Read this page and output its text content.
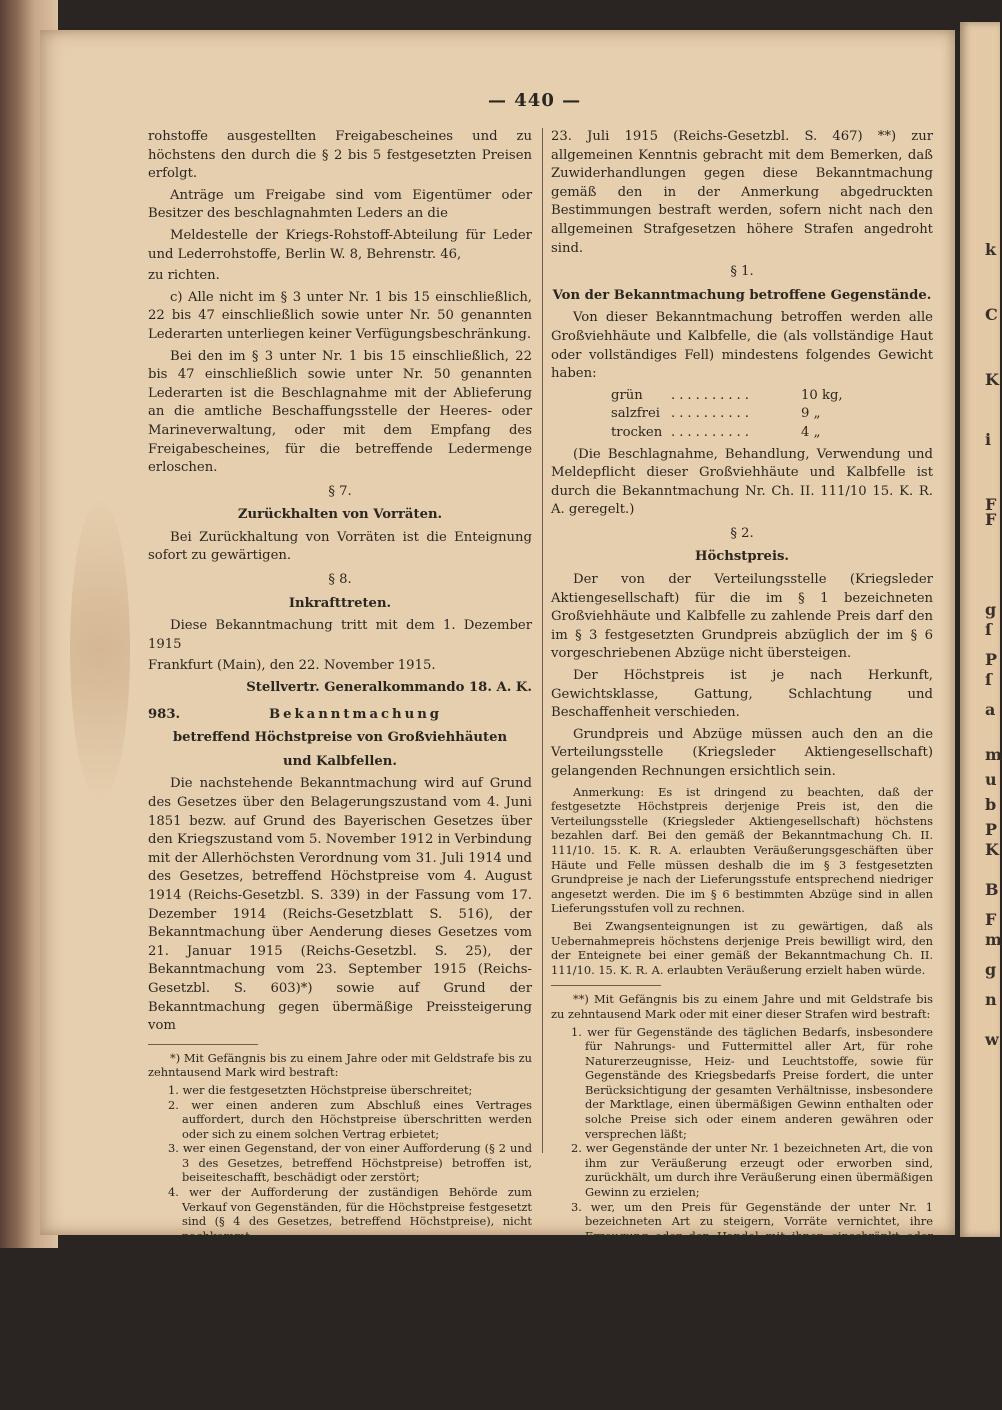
— 440 —

rohstoffe ausgestellten Freigabescheines und zu höchstens den durch die § 2 bis 5 festgesetzten Preisen erfolgt.

Anträge um Freigabe sind vom Eigentümer oder Besitzer des beschlagnahmten Leders an die

Meldestelle der Kriegs-Rohstoff-Abteilung für Leder und Lederrohstoffe, Berlin W. 8, Behrenstr. 46,

zu richten.

c) Alle nicht im § 3 unter Nr. 1 bis 15 einschließlich, 22 bis 47 einschließlich sowie unter Nr. 50 genannten Lederarten unterliegen keiner Verfügungsbeschränkung.

Bei den im § 3 unter Nr. 1 bis 15 einschließlich, 22 bis 47 einschließlich sowie unter Nr. 50 genannten Lederarten ist die Beschlagnahme mit der Ablieferung an die amtliche Beschaffungsstelle der Heeres- oder Marineverwaltung, oder mit dem Empfang des Freigabescheines, für die betreffende Ledermenge erloschen.

§ 7.

Zurückhalten von Vorräten.

Bei Zurückhaltung von Vorräten ist die Enteignung sofort zu gewärtigen.

§ 8.

Inkrafttreten.

Diese Bekanntmachung tritt mit dem 1. Dezember 1915

Frankfurt (Main), den 22. November 1915.

Stellvertr. Generalkommando 18. A. K.

983.	Bekanntmachung

betreffend Höchstpreise von Großviehhäuten

und Kalbfellen.

Die nachstehende Bekanntmachung wird auf Grund des Gesetzes über den Belagerungszustand vom 4. Juni 1851 bezw. auf Grund des Bayerischen Gesetzes über den Kriegszustand vom 5. November 1912 in Verbindung mit der Allerhöchsten Verordnung vom 31. Juli 1914 und des Gesetzes, betreffend Höchstpreise vom 4. August 1914 (Reichs-Gesetzbl. S. 339) in der Fassung vom 17. Dezember 1914 (Reichs-Gesetzblatt S. 516), der Bekanntmachung über Aenderung dieses Gesetzes vom 21. Januar 1915 (Reichs-Gesetzbl. S. 25), der Bekanntmachung vom 23. September 1915 (Reichs-Gesetzbl. S. 603)*) sowie auf Grund der Bekanntmachung gegen übermäßige Preissteigerung vom

*) Mit Gefängnis bis zu einem Jahre oder mit Geldstrafe bis zu zehntausend Mark wird bestraft:

1. wer die festgesetzten Höchstpreise überschreitet;

2. wer einen anderen zum Abschluß eines Vertrages auffordert, durch den Höchstpreise überschritten werden oder sich zu einem solchen Vertrag erbietet;

3. wer einen Gegenstand, der von einer Aufforderung (§ 2 und 3 des Gesetzes, betreffend Höchstpreise) betroffen ist, beiseiteschafft, beschädigt oder zerstört;

4. wer der Aufforderung der zuständigen Behörde zum Verkauf von Gegenständen, für die Höchstpreise festgesetzt sind (§ 4 des Gesetzes, betreffend Höchstpreise), nicht nachkommt;

5. wer Vorräte an Gegenständen, für die Höchstpreise festgesetzt sind, den zuständigen Beamten verheimlicht;

6. wer den nach § 5 des Gesetzes, betreffend Höchstpreise, erlassenen Ausführungsbestimmungen zuwiderhandelt.

In den Fällen Nr. 1 und 2 kann neben der Strafe angeordnet werden, daß die Verurteilung auf Kosten des Schuldigen öffentlich bekanntzumachen ist; auch kann neben Gefängnisstrafe auf Verlust der bürgerlichen Ehrenrechte erkannt werden.

23. Juli 1915 (Reichs-Gesetzbl. S. 467) **) zur allgemeinen Kenntnis gebracht mit dem Bemerken, daß Zuwiderhandlungen gegen diese Bekanntmachung gemäß den in der Anmerkung abgedruckten Bestimmungen bestraft werden, sofern nicht nach den allgemeinen Strafgesetzen höhere Strafen angedroht sind.

§ 1.

Von der Bekanntmachung betroffene Gegenstände.

Von dieser Bekanntmachung betroffen werden alle Großviehhäute und Kalbfelle, die (als vollständige Haut oder vollständiges Fell) mindestens folgendes Gewicht haben:

grün	..........	10 kg,
salzfrei ..........	9 „
trocken ..........	4 „

(Die Beschlagnahme, Behandlung, Verwendung und Meldepflicht dieser Großviehhäute und Kalbfelle ist durch die Bekanntmachung Nr. Ch. II. 111/10 15. K. R. A. geregelt.)

§ 2.

Höchstpreis.

Der von der Verteilungsstelle (Kriegsleder Aktiengesellschaft) für die im § 1 bezeichneten Großviehhäute und Kalbfelle zu zahlende Preis darf den im § 3 festgesetzten Grundpreis abzüglich der im § 6 vorgeschriebenen Abzüge nicht übersteigen.

Der Höchstpreis ist je nach Herkunft, Gewichtsklasse, Gattung, Schlachtung und Beschaffenheit verschieden.

Grundpreis und Abzüge müssen auch den an die Verteilungsstelle (Kriegsleder Aktiengesellschaft) gelangenden Rechnungen ersichtlich sein.

Anmerkung: Es ist dringend zu beachten, daß der festgesetzte Höchstpreis derjenige Preis ist, den die Verteilungsstelle (Kriegsleder Aktiengesellschaft) höchstens bezahlen darf. Bei den gemäß der Bekanntmachung Ch. II. 111/10. 15. K. R. A. erlaubten Veräußerungsgeschäften über Häute und Felle müssen deshalb die im § 3 festgesetzten Grundpreise je nach der Lieferungsstufe entsprechend niedriger angesetzt werden. Die im § 6 bestimmten Abzüge sind in allen Lieferungsstufen voll zu rechnen.

Bei Zwangsenteignungen ist zu gewärtigen, daß als Uebernahmepreis höchstens derjenige Preis bewilligt wird, den der Enteignete bei einer gemäß der Bekanntmachung Ch. II. 111/10. 15. K. R. A. erlaubten Veräußerung erzielt haben würde.

**) Mit Gefängnis bis zu einem Jahre und mit Geldstrafe bis zu zehntausend Mark oder mit einer dieser Strafen wird bestraft:

1. wer für Gegenstände des täglichen Bedarfs, insbesondere für Nahrungs- und Futtermittel aller Art, für rohe Naturerzeugnisse, Heiz- und Leuchtstoffe, sowie für Gegenstände des Kriegsbedarfs Preise fordert, die unter Berücksichtigung der gesamten Verhältnisse, insbesondere der Marktlage, einen übermäßigen Gewinn enthalten oder solche Preise sich oder einem anderen gewähren oder versprechen läßt;

2. wer Gegenstände der unter Nr. 1 bezeichneten Art, die von ihm zur Veräußerung erzeugt oder erworben sind, zurückhält, um durch ihre Veräußerung einen übermäßigen Gewinn zu erzielen;

3. wer, um den Preis für Gegenstände der unter Nr. 1 bezeichneten Art zu steigern, Vorräte vernichtet, ihre Erzeugung oder den Handel mit ihnen einschränkt oder andere unlautere Machenschaften vornimmt;

4. wer an einer Verabredung oder Verbindung teilnimmt, die eine Handlung der in Nr. 1 bis 3 bezeichneten Art zum Zwecke hat.

Neben der Strafe kann auf Einziehung der Vorräte erkannt werden, auf die sich die strafbare Handlung bezieht, ohne Unterschied, ob sie dem Verurteilten gehören oder nicht. Ferner kann angeordnet werden, daß die Verurteilung auf Kosten des Schuldigen öffentlich bekanntzumachen sei.

Neben Gefängnisstrafe kann auf Verlust der bürgerlichen Ehrenrechte erkannt werden.

k
C
K
i
F
F
g
ſ
P
ſ
a
m
u
b
P
K
B
F
m
g
n
w
